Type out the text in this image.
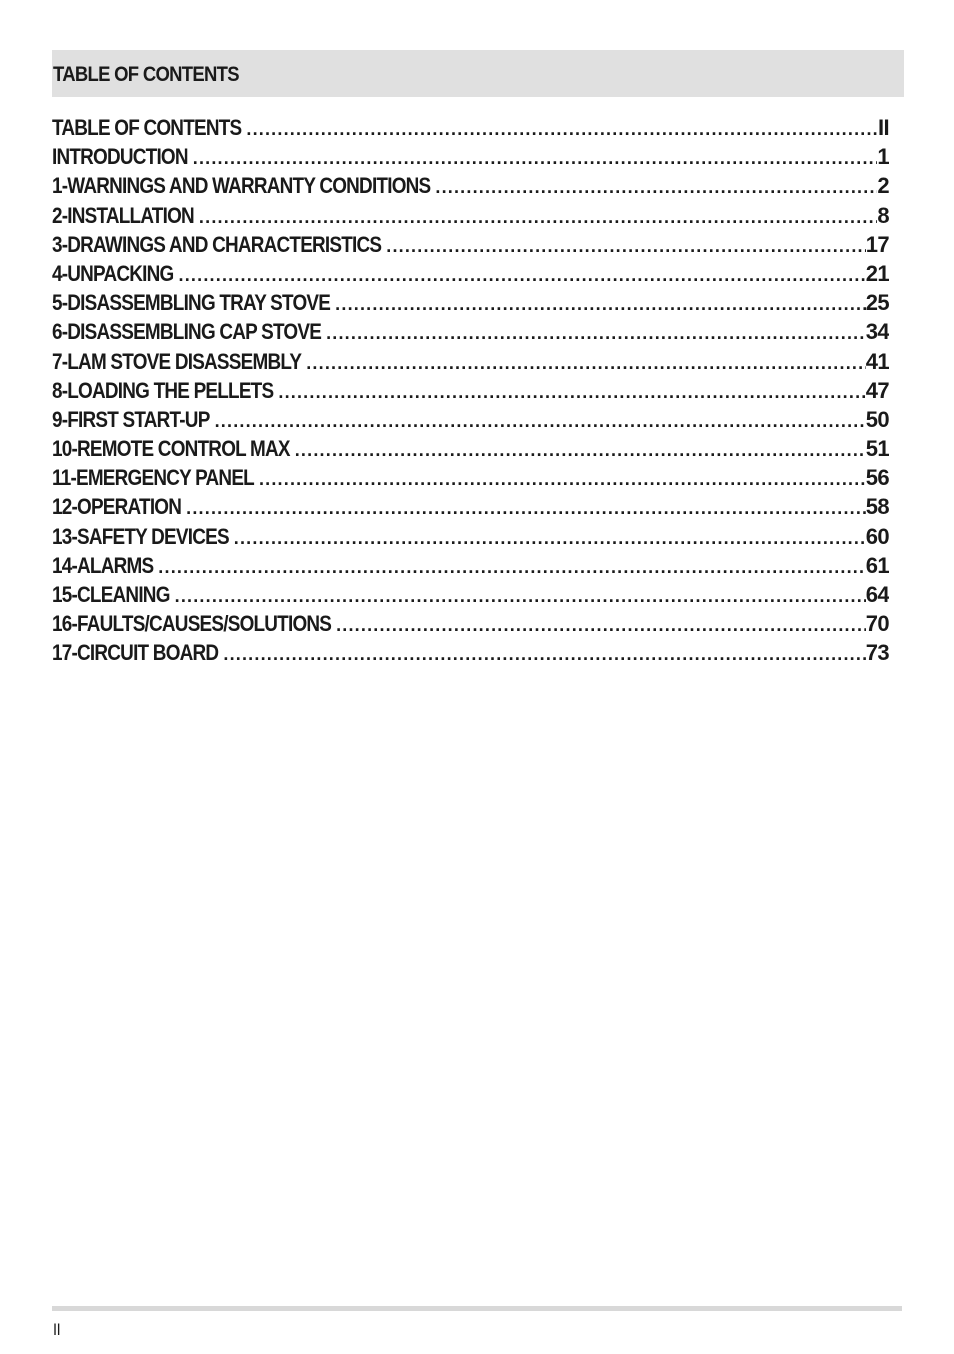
TABLE OF CONTENTS
TABLE OF CONTENTS .....	II
INTRODUCTION .....	1
1-WARNINGS AND WARRANTY CONDITIONS .....	2
2-INSTALLATION .....	8
3-DRAWINGS AND CHARACTERISTICS .....	17
4-UNPACKING .....	21
5-DISASSEMBLING TRAY STOVE .....	25
6-DISASSEMBLING CAP STOVE .....	34
7-LAM STOVE DISASSEMBLY .....	41
8-LOADING THE PELLETS .....	47
9-FIRST START-UP .....	50
10-REMOTE CONTROL MAX .....	51
11-EMERGENCY PANEL .....	56
12-OPERATION .....	58
13-SAFETY DEVICES .....	60
14-ALARMS .....	61
15-CLEANING .....	64
16-FAULTS/CAUSES/SOLUTIONS .....	70
17-CIRCUIT BOARD .....	73
II
